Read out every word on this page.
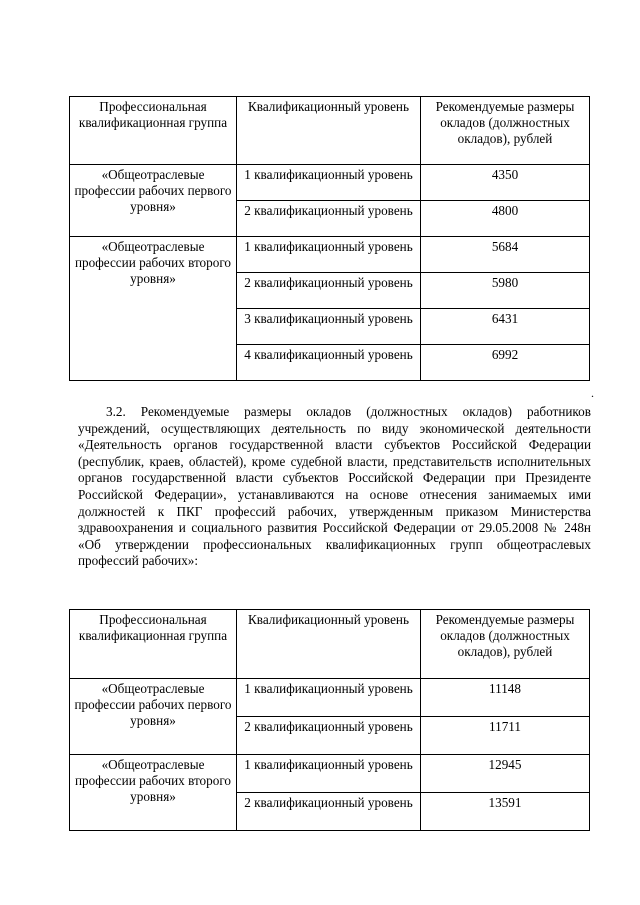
Профессиональная квалификационная группа	Квалификационный уровень	Рекомендуемые размеры окладов (должностных окладов), рублей
«Общеотраслевые профессии рабочих первого уровня»	1 квалификационный уровень	4350
	2 квалификационный уровень	4800
«Общеотраслевые профессии рабочих второго уровня»	1 квалификационный уровень	5684
	2 квалификационный уровень	5980
	3 квалификационный уровень	6431
	4 квалификационный уровень	6992
.

3.2. Рекомендуемые размеры окладов (должностных окладов) работников учреждений, осуществляющих деятельность по виду экономической деятельности «Деятельность органов государственной власти субъектов Российской Федерации (республик, краев, областей), кроме судебной власти, представительств исполнительных органов государственной власти субъектов Российской Федерации при Президенте Российской Федерации», устанавливаются на основе отнесения занимаемых ими должностей к ПКГ профессий рабочих, утвержденным приказом Министерства здравоохранения и социального развития Российской Федерации от 29.05.2008 № 248н «Об утверждении профессиональных квалификационных групп общеотраслевых профессий рабочих»:

Профессиональная квалификационная группа	Квалификационный уровень	Рекомендуемые размеры окладов (должностных окладов), рублей
«Общеотраслевые профессии рабочих первого уровня»	1 квалификационный уровень	11148
	2 квалификационный уровень	11711
«Общеотраслевые профессии рабочих второго уровня»	1 квалификационный уровень	12945
	2 квалификационный уровень	13591
